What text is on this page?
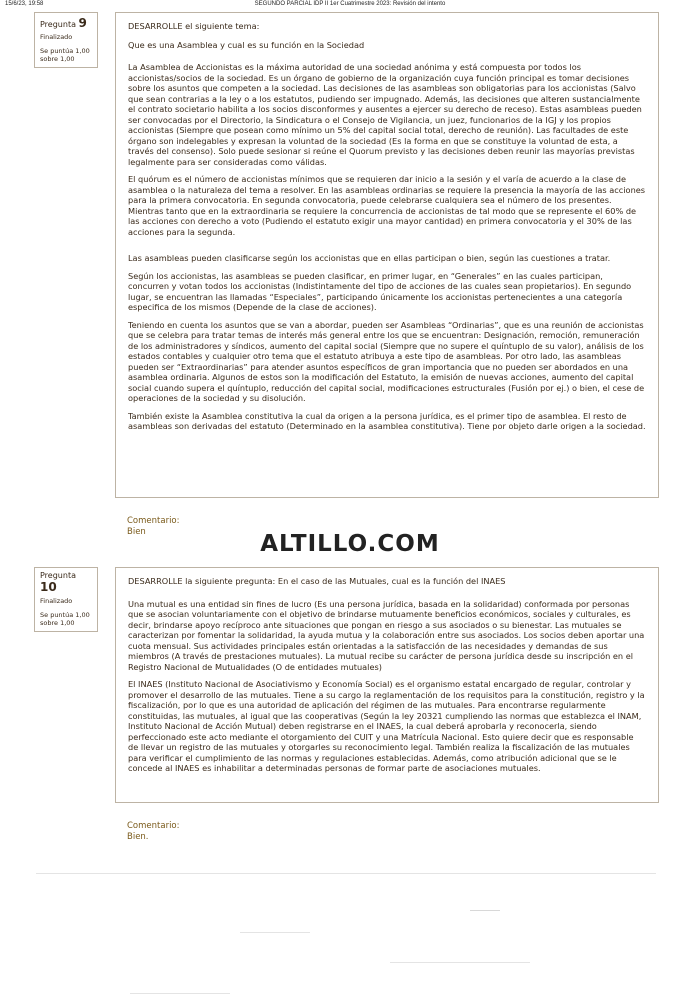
15/6/23, 19:58	SEGUNDO PARCIAL IDP II 1er Cuatrimestre 2023: Revisión del intento
Pregunta 9
Finalizado
Se puntúa 1,00
sobre 1,00

DESARROLLE el siguiente tema:

Que es una Asamblea y cual es su función en la Sociedad

La Asamblea de Accionistas es la máxima autoridad de una sociedad anónima y está compuesta por todos los accionistas/socios de la sociedad. Es un órgano de gobierno de la organización cuya función principal es tomar decisiones sobre los asuntos que competen a la sociedad. Las decisiones de las asambleas son obligatorias para los accionistas (Salvo que sean contrarias a la ley o a los estatutos, pudiendo ser impugnado. Además, las decisiones que alteren sustancialmente el contrato societario habilita a los socios disconformes y ausentes a ejercer su derecho de receso). Estas asambleas pueden ser convocadas por el Directorio, la Sindicatura o el Consejo de Vigilancia, un juez, funcionarios de la IGJ y los propios accionistas (Siempre que posean como mínimo un 5% del capital social total, derecho de reunión). Las facultades de este órgano son indelegables y expresan la voluntad de la sociedad (Es la forma en que se constituye la voluntad de esta, a través del consenso). Solo puede sesionar si reúne el Quorum previsto y las decisiones deben reunir las mayorías previstas legalmente para ser consideradas como válidas.

El quórum es el número de accionistas mínimos que se requieren dar inicio a la sesión y el varía de acuerdo a la clase de asamblea o la naturaleza del tema a resolver. En las asambleas ordinarias se requiere la presencia la mayoría de las acciones para la primera convocatoria. En segunda convocatoria, puede celebrarse cualquiera sea el número de los presentes. Mientras tanto que en la extraordinaria se requiere la concurrencia de accionistas de tal modo que se represente el 60% de las acciones con derecho a voto (Pudiendo el estatuto exigir una mayor cantidad) en primera convocatoria y el 30% de las acciones para la segunda.

Las asambleas pueden clasificarse según los accionistas que en ellas participan o bien, según las cuestiones a tratar.

Según los accionistas, las asambleas se pueden clasificar, en primer lugar, en “Generales” en las cuales participan, concurren y votan todos los accionistas (Indistintamente del tipo de acciones de las cuales sean propietarios). En segundo lugar, se encuentran las llamadas “Especiales”, participando únicamente los accionistas pertenecientes a una categoría especifica de los mismos (Depende de la clase de acciones).

Teniendo en cuenta los asuntos que se van a abordar, pueden ser Asambleas “Ordinarias”, que es una reunión de accionistas que se celebra para tratar temas de interés más general entre los que se encuentran: Designación, remoción, remuneración de los administradores y síndicos, aumento del capital social (Siempre que no supere el quíntuplo de su valor), análisis de los estados contables y cualquier otro tema que el estatuto atribuya a este tipo de asambleas. Por otro lado, las asambleas pueden ser “Extraordinarias” para atender asuntos específicos de gran importancia que no pueden ser abordados en una asamblea ordinaria. Algunos de estos son la modificación del Estatuto, la emisión de nuevas acciones, aumento del capital social cuando supera el quíntuplo, reducción del capital social, modificaciones estructurales (Fusión por ej.) o bien, el cese de operaciones de la sociedad y su disolución.

También existe la Asamblea constitutiva la cual da origen a la persona jurídica, es el primer tipo de asamblea. El resto de asambleas son derivadas del estatuto (Determinado en la asamblea constitutiva). Tiene por objeto darle origen a la sociedad.

Comentario:
Bien	ALTILLO.COM
Pregunta 10
Finalizado
Se puntúa 1,00
sobre 1,00

DESARROLLE la siguiente pregunta: En el caso de las Mutuales, cual es la función del INAES

Una mutual es una entidad sin fines de lucro (Es una persona jurídica, basada en la solidaridad) conformada por personas que se asocian voluntariamente con el objetivo de brindarse mutuamente beneficios económicos, sociales y culturales, es decir, brindarse apoyo recíproco ante situaciones que pongan en riesgo a sus asociados o su bienestar. Las mutuales se caracterizan por fomentar la solidaridad, la ayuda mutua y la colaboración entre sus asociados. Los socios deben aportar una cuota mensual. Sus actividades principales están orientadas a la satisfacción de las necesidades y demandas de sus miembros (A través de prestaciones mutuales). La mutual recibe su carácter de persona jurídica desde su inscripción en el Registro Nacional de Mutualidades (O de entidades mutuales)

El INAES (Instituto Nacional de Asociativismo y Economía Social) es el organismo estatal encargado de regular, controlar y promover el desarrollo de las mutuales. Tiene a su cargo la reglamentación de los requisitos para la constitución, registro y la fiscalización, por lo que es una autoridad de aplicación del régimen de las mutuales. Para encontrarse regularmente constituidas, las mutuales, al igual que las cooperativas (Según la ley 20321 cumpliendo las normas que establezca el INAM, Instituto Nacional de Acción Mutual) deben registrarse en el INAES, la cual deberá aprobarla y reconocerla, siendo perfeccionado este acto mediante el otorgamiento del CUIT y una Matrícula Nacional. Esto quiere decir que es responsable de llevar un registro de las mutuales y otorgarles su reconocimiento legal. También realiza la fiscalización de las mutuales para verificar el cumplimiento de las normas y regulaciones establecidas. Además, como atribución adicional que se le concede al INAES es inhabilitar a determinadas personas de formar parte de asociaciones mutuales.

Comentario:
Bien.
